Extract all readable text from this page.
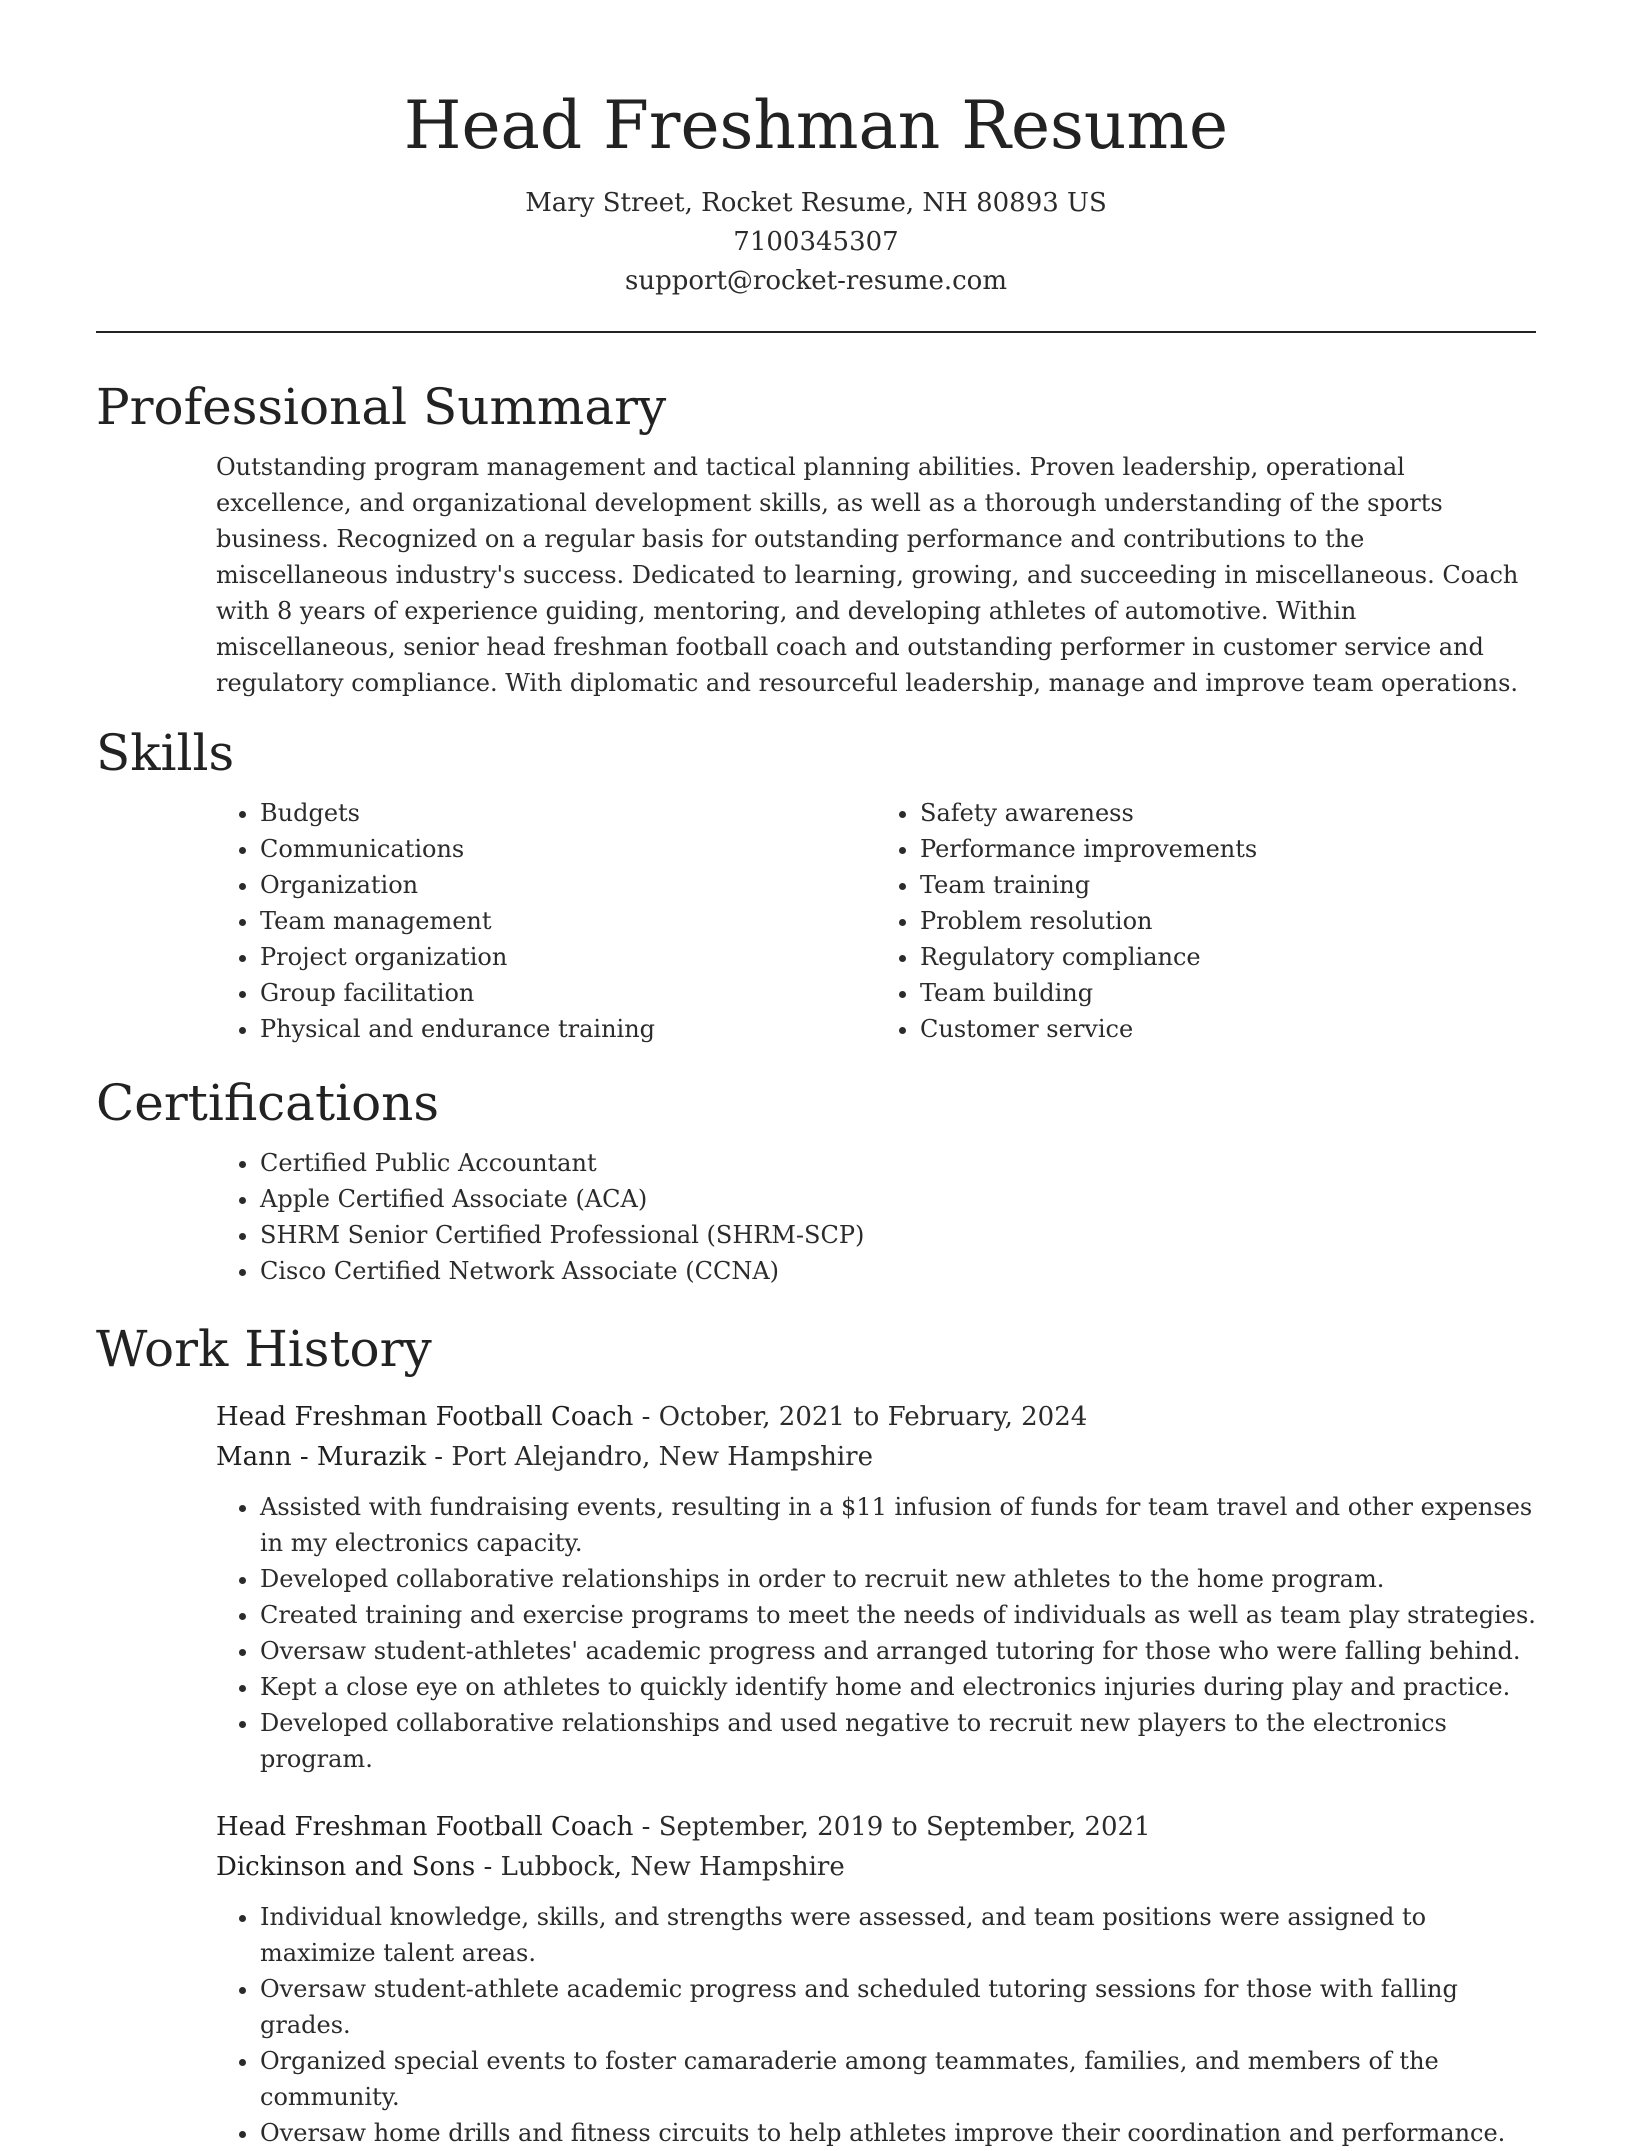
Head Freshman Resume
Mary Street, Rocket Resume, NH 80893 US
7100345307
support@rocket-resume.com
Professional Summary

Outstanding program management and tactical planning abilities. Proven leadership, operational excellence, and organizational development skills, as well as a thorough understanding of the sports business. Recognized on a regular basis for outstanding performance and contributions to the miscellaneous industry's success. Dedicated to learning, growing, and succeeding in miscellaneous. Coach with 8 years of experience guiding, mentoring, and developing athletes of automotive. Within miscellaneous, senior head freshman football coach and outstanding performer in customer service and regulatory compliance. With diplomatic and resourceful leadership, manage and improve team operations.

Skills
• Budgets
• Communications
• Organization
• Team management
• Project organization
• Group facilitation
• Physical and endurance training
• Safety awareness
• Performance improvements
• Team training
• Problem resolution
• Regulatory compliance
• Team building
• Customer service
Certifications
• Certified Public Accountant
• Apple Certified Associate (ACA)
• SHRM Senior Certified Professional (SHRM-SCP)
• Cisco Certified Network Associate (CCNA)
Work History
Head Freshman Football Coach - October, 2021 to February, 2024
Mann - Murazik - Port Alejandro, New Hampshire
• Assisted with fundraising events, resulting in a $11 infusion of funds for team travel and other expenses in my electronics capacity.
• Developed collaborative relationships in order to recruit new athletes to the home program.
• Created training and exercise programs to meet the needs of individuals as well as team play strategies.
• Oversaw student-athletes' academic progress and arranged tutoring for those who were falling behind.
• Kept a close eye on athletes to quickly identify home and electronics injuries during play and practice.
• Developed collaborative relationships and used negative to recruit new players to the electronics program.
Head Freshman Football Coach - September, 2019 to September, 2021
Dickinson and Sons - Lubbock, New Hampshire
• Individual knowledge, skills, and strengths were assessed, and team positions were assigned to maximize talent areas.
• Oversaw student-athlete academic progress and scheduled tutoring sessions for those with falling grades.
• Organized special events to foster camaraderie among teammates, families, and members of the community.
• Oversaw home drills and fitness circuits to help athletes improve their coordination and performance.
